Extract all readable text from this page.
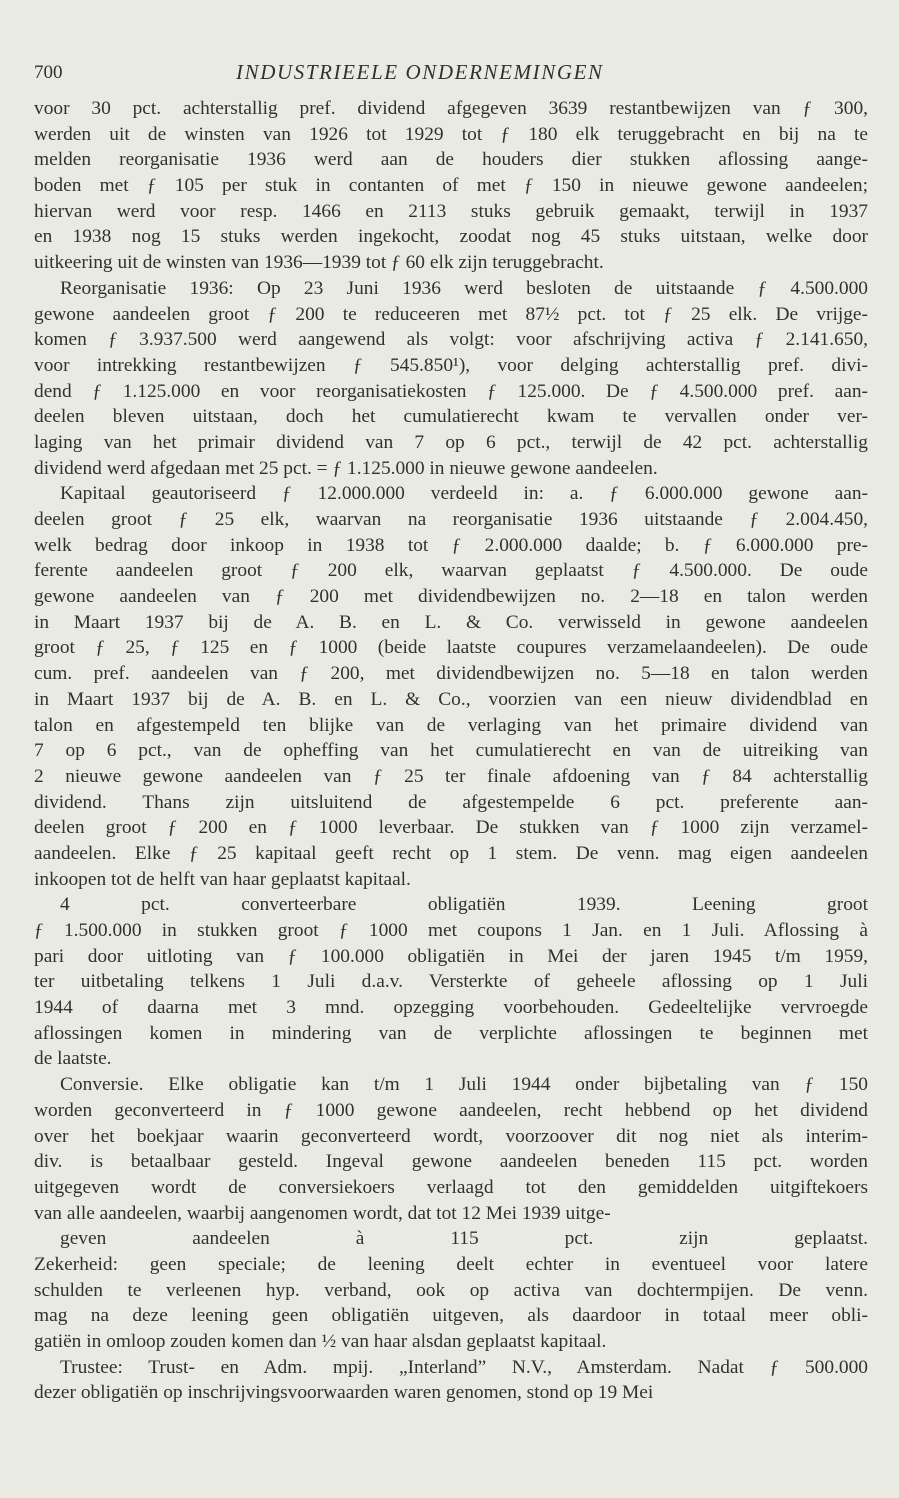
700	INDUSTRIEELE ONDERNEMINGEN
voor 30 pct. achterstallig pref. dividend afgegeven 3639 restantbewijzen van ƒ 300,
werden uit de winsten van 1926 tot 1929 tot ƒ 180 elk teruggebracht en bij na te
melden reorganisatie 1936 werd aan de houders dier stukken aflossing aange-
boden met ƒ 105 per stuk in contanten of met ƒ 150 in nieuwe gewone aandeelen;
hiervan werd voor resp. 1466 en 2113 stuks gebruik gemaakt, terwijl in 1937
en 1938 nog 15 stuks werden ingekocht, zoodat nog 45 stuks uitstaan, welke door
uitkeering uit de winsten van 1936—1939 tot ƒ 60 elk zijn teruggebracht.
Reorganisatie 1936: Op 23 Juni 1936 werd besloten de uitstaande ƒ 4.500.000
gewone aandeelen groot ƒ 200 te reduceeren met 87½ pct. tot ƒ 25 elk. De vrijge-
komen ƒ 3.937.500 werd aangewend als volgt: voor afschrijving activa ƒ 2.141.650,
voor intrekking restantbewijzen ƒ 545.850¹), voor delging achterstallig pref. divi-
dend ƒ 1.125.000 en voor reorganisatiekosten ƒ 125.000. De ƒ 4.500.000 pref. aan-
deelen bleven uitstaan, doch het cumulatierecht kwam te vervallen onder ver-
laging van het primair dividend van 7 op 6 pct., terwijl de 42 pct. achterstallig
dividend werd afgedaan met 25 pct. = ƒ 1.125.000 in nieuwe gewone aandeelen.
Kapitaal geautoriseerd ƒ 12.000.000 verdeeld in: a. ƒ 6.000.000 gewone aan-
deelen groot ƒ 25 elk, waarvan na reorganisatie 1936 uitstaande ƒ 2.004.450,
welk bedrag door inkoop in 1938 tot ƒ 2.000.000 daalde; b. ƒ 6.000.000 pre-
ferente aandeelen groot ƒ 200 elk, waarvan geplaatst ƒ 4.500.000. De oude
gewone aandeelen van ƒ 200 met dividendbewijzen no. 2—18 en talon werden
in Maart 1937 bij de A. B. en L. & Co. verwisseld in gewone aandeelen
groot ƒ 25, ƒ 125 en ƒ 1000 (beide laatste coupures verzamelaandeelen). De oude
cum. pref. aandeelen van ƒ 200, met dividendbewijzen no. 5—18 en talon werden
in Maart 1937 bij de A. B. en L. & Co., voorzien van een nieuw dividendblad en
talon en afgestempeld ten blijke van de verlaging van het primaire dividend van
7 op 6 pct., van de opheffing van het cumulatierecht en van de uitreiking van
2 nieuwe gewone aandeelen van ƒ 25 ter finale afdoening van ƒ 84 achterstallig
dividend. Thans zijn uitsluitend de afgestempelde 6 pct. preferente aan-
deelen groot ƒ 200 en ƒ 1000 leverbaar. De stukken van ƒ 1000 zijn verzamel-
aandeelen. Elke ƒ 25 kapitaal geeft recht op 1 stem. De venn. mag eigen aandeelen
inkoopen tot de helft van haar geplaatst kapitaal.
4 pct. converteerbare obligatiën 1939. Leening groot
ƒ 1.500.000 in stukken groot ƒ 1000 met coupons 1 Jan. en 1 Juli. Aflossing à
pari door uitloting van ƒ 100.000 obligatiën in Mei der jaren 1945 t/m 1959,
ter uitbetaling telkens 1 Juli d.a.v. Versterkte of geheele aflossing op 1 Juli
1944 of daarna met 3 mnd. opzegging voorbehouden. Gedeeltelijke vervroegde
aflossingen komen in mindering van de verplichte aflossingen te beginnen met
de laatste.
Conversie. Elke obligatie kan t/m 1 Juli 1944 onder bijbetaling van ƒ 150
worden geconverteerd in ƒ 1000 gewone aandeelen, recht hebbend op het dividend
over het boekjaar waarin geconverteerd wordt, voorzoover dit nog niet als interim-
div. is betaalbaar gesteld. Ingeval gewone aandeelen beneden 115 pct. worden
uitgegeven wordt de conversiekoers verlaagd tot den gemiddelden uitgiftekoers
van alle aandeelen, waarbij aangenomen wordt, dat tot 12 Mei 1939 uitge-
geven aandeelen à 115 pct. zijn geplaatst.
Zekerheid: geen speciale; de leening deelt echter in eventueel voor latere
schulden te verleenen hyp. verband, ook op activa van dochtermpijen. De venn.
mag na deze leening geen obligatiën uitgeven, als daardoor in totaal meer obli-
gatiën in omloop zouden komen dan ½ van haar alsdan geplaatst kapitaal.
Trustee: Trust- en Adm. mpij. „Interland” N.V., Amsterdam. Nadat ƒ 500.000
dezer obligatiën op inschrijvingsvoorwaarden waren genomen, stond op 19 Mei
